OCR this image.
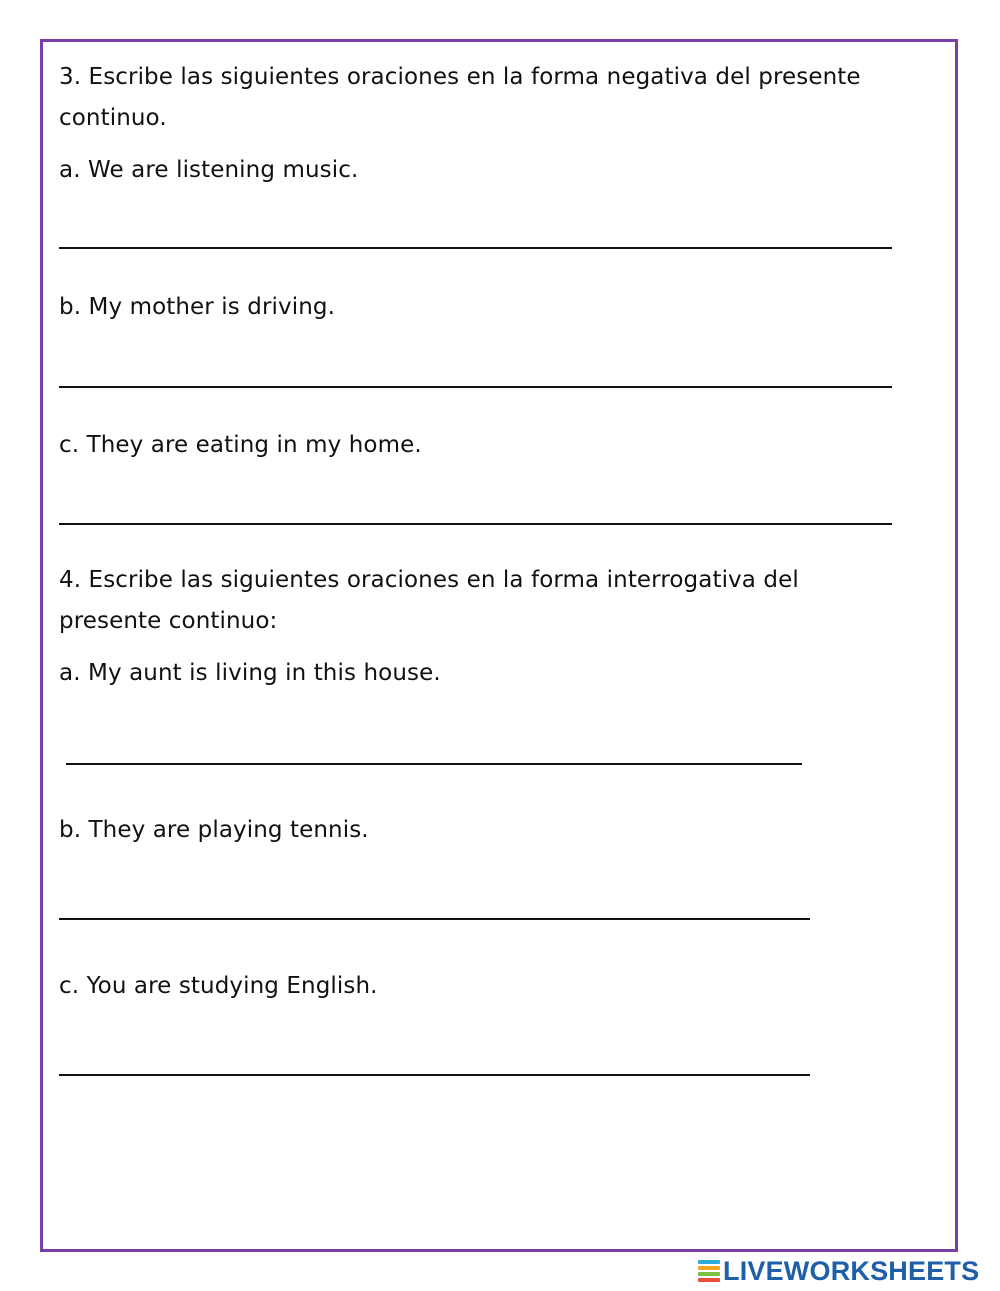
3. Escribe las siguientes oraciones en la forma negativa del presente
continuo.
a. We are listening music.
b. My mother is driving.
c. They are eating in my home.
4. Escribe las siguientes oraciones en la forma interrogativa del
presente continuo:
a. My aunt is living in this house.
b. They are playing tennis.
c. You are studying English.
LIVEWORKSHEETS
